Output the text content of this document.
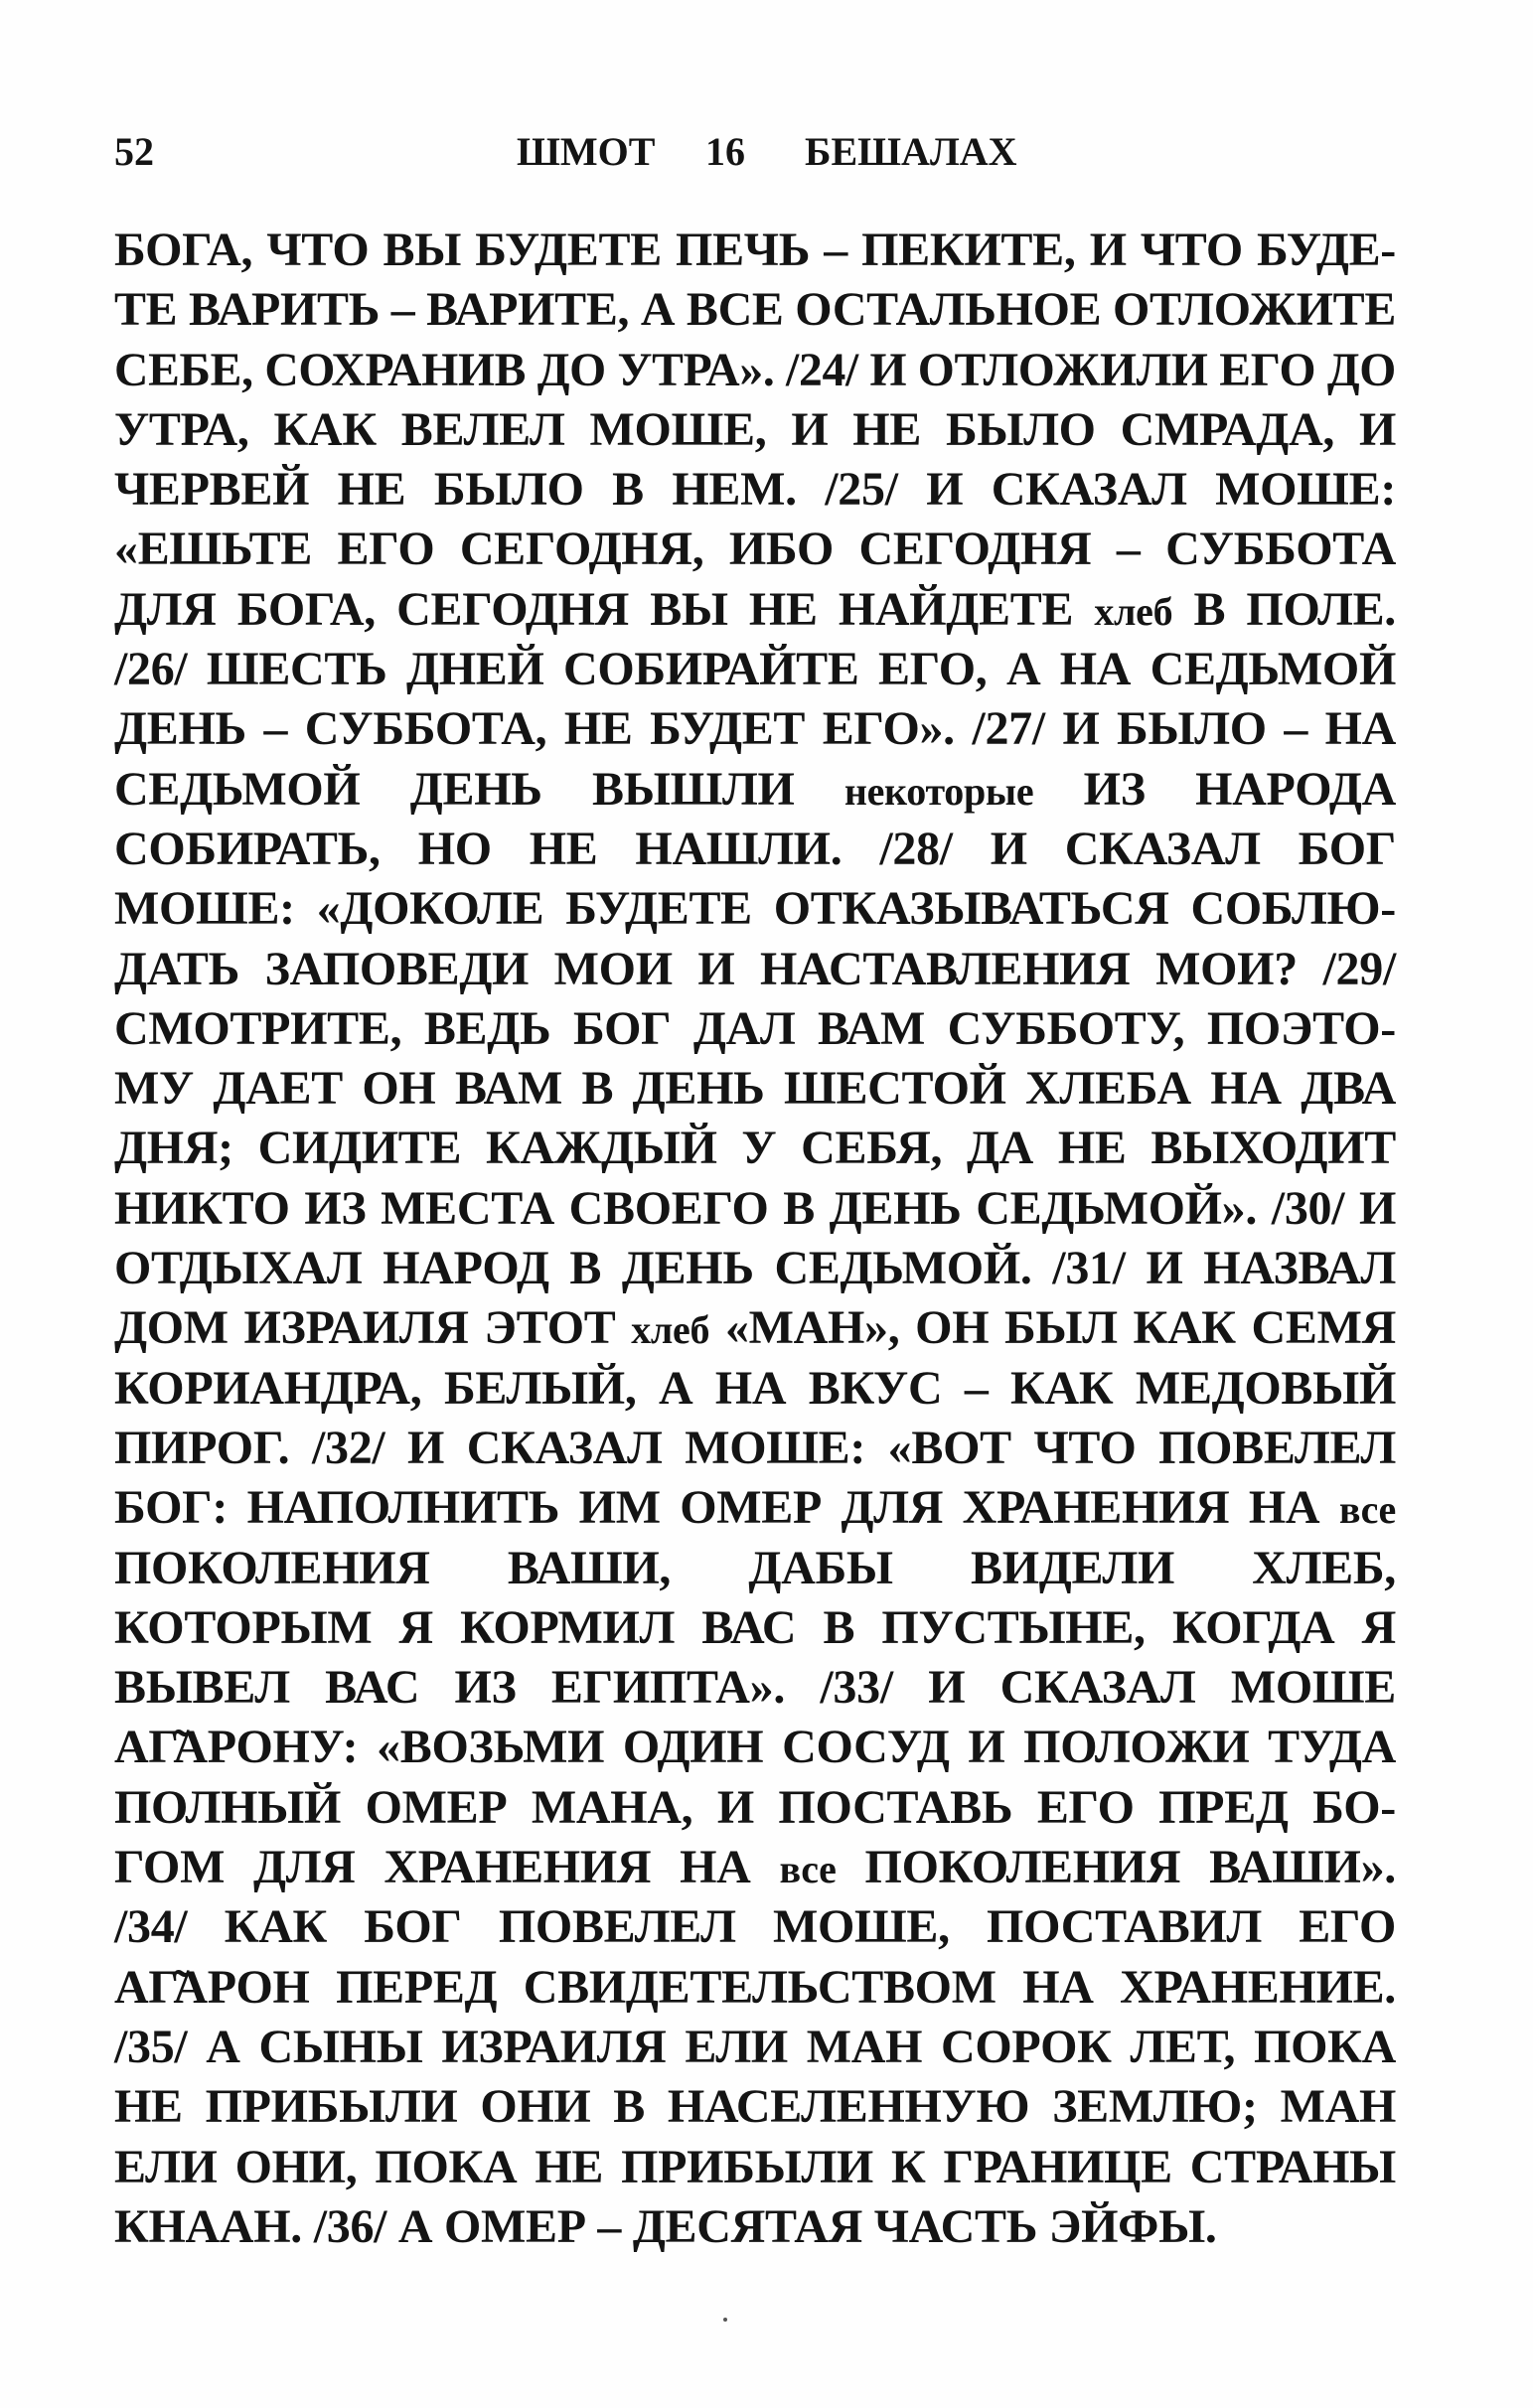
52	ШМОТ 16 БЕШАЛАХ
БОГА, ЧТО ВЫ БУДЕТЕ ПЕЧЬ – ПЕКИТЕ, И ЧТО БУДЕ-
ТЕ ВАРИТЬ – ВАРИТЕ, А ВСЕ ОСТАЛЬНОЕ ОТЛОЖИТЕ
СЕБЕ, СОХРАНИВ ДО УТРА». /24/ И ОТЛОЖИЛИ ЕГО ДО
УТРА, КАК ВЕЛЕЛ МОШЕ, И НЕ БЫЛО СМРАДА, И
ЧЕРВЕЙ НЕ БЫЛО В НЕМ. /25/ И СКАЗАЛ МОШЕ:
«ЕШЬТЕ ЕГО СЕГОДНЯ, ИБО СЕГОДНЯ – СУББОТА
ДЛЯ БОГА, СЕГОДНЯ ВЫ НЕ НАЙДЕТЕ хлеб В ПОЛЕ.
/26/ ШЕСТЬ ДНЕЙ СОБИРАЙТЕ ЕГО, А НА СЕДЬМОЙ
ДЕНЬ – СУББОТА, НЕ БУДЕТ ЕГО». /27/ И БЫЛО – НА
СЕДЬМОЙ ДЕНЬ ВЫШЛИ некоторые ИЗ НАРОДА
СОБИРАТЬ, НО НЕ НАШЛИ. /28/ И СКАЗАЛ БОГ
МОШЕ: «ДОКОЛЕ БУДЕТЕ ОТКАЗЫВАТЬСЯ СОБЛЮ-
ДАТЬ ЗАПОВЕДИ МОИ И НАСТАВЛЕНИЯ МОИ? /29/
СМОТРИТЕ, ВЕДЬ БОГ ДАЛ ВАМ СУББОТУ, ПОЭТО-
МУ ДАЕТ ОН ВАМ В ДЕНЬ ШЕСТОЙ ХЛЕБА НА ДВА
ДНЯ; СИДИТЕ КАЖДЫЙ У СЕБЯ, ДА НЕ ВЫХОДИТ
НИКТО ИЗ МЕСТА СВОЕГО В ДЕНЬ СЕДЬМОЙ». /30/ И
ОТДЫХАЛ НАРОД В ДЕНЬ СЕДЬМОЙ. /31/ И НАЗВАЛ
ДОМ ИЗРАИЛЯ ЭТОТ хлеб «МАН», ОН БЫЛ КАК СЕМЯ
КОРИАНДРА, БЕЛЫЙ, А НА ВКУС – КАК МЕДОВЫЙ
ПИРОГ. /32/ И СКАЗАЛ МОШЕ: «ВОТ ЧТО ПОВЕЛЕЛ
БОГ: НАПОЛНИТЬ ИМ ОМЕР ДЛЯ ХРАНЕНИЯ НА все
ПОКОЛЕНИЯ ВАШИ, ДАБЫ ВИДЕЛИ ХЛЕБ,
КОТОРЫМ Я КОРМИЛ ВАС В ПУСТЫНЕ, КОГДА Я
ВЫВЕЛ ВАС ИЗ ЕГИПТА». /33/ И СКАЗАЛ МОШЕ
АГ̃АРОНУ: «ВОЗЬМИ ОДИН СОСУД И ПОЛОЖИ ТУДА
ПОЛНЫЙ ОМЕР МАНА, И ПОСТАВЬ ЕГО ПРЕД БО-
ГОМ ДЛЯ ХРАНЕНИЯ НА все ПОКОЛЕНИЯ ВАШИ».
/34/ КАК БОГ ПОВЕЛЕЛ МОШЕ, ПОСТАВИЛ ЕГО
АГ̃АРОН ПЕРЕД СВИДЕТЕЛЬСТВОМ НА ХРАНЕНИЕ.
/35/ А СЫНЫ ИЗРАИЛЯ ЕЛИ МАН СОРОК ЛЕТ, ПОКА
НЕ ПРИБЫЛИ ОНИ В НАСЕЛЕННУЮ ЗЕМЛЮ; МАН
ЕЛИ ОНИ, ПОКА НЕ ПРИБЫЛИ К ГРАНИЦЕ СТРАНЫ
КНААН. /36/ А ОМЕР – ДЕСЯТАЯ ЧАСТЬ ЭЙФЫ.
